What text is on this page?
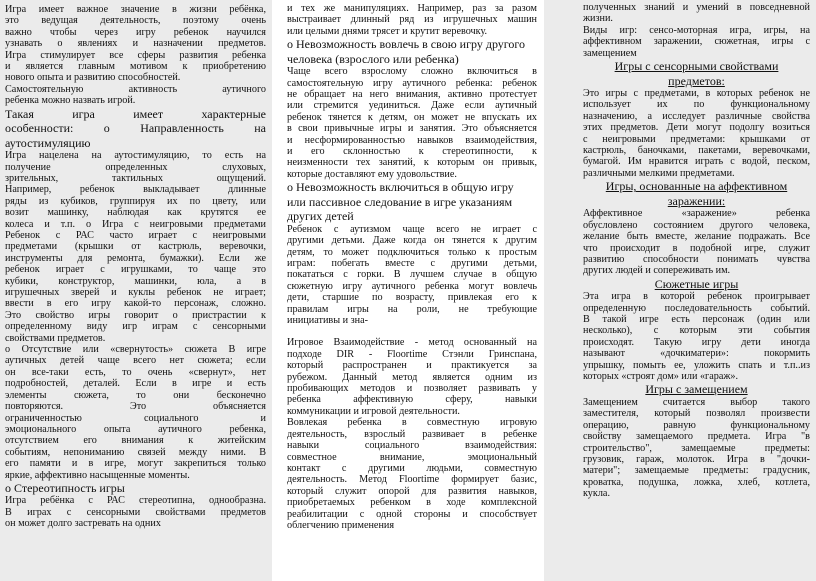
Игра имеет важное значение в жизни ребёнка,
это ведущая деятельность, поэтому очень
важно чтобы через игру ребенок научился
узнавать о явлениях и назначении предметов.
Игра стимулирует все сферы развития ребенка
и является главным мотивом к приобретению
нового опыта и развитию способностей.
Самостоятельную активность аутичного
ребенка можно назвать игрой.
Такая игра имеет характерные
особенности: о Направленность на
аутостимуляцию
Игра нацелена на аутостимуляцию, то есть на
получение определенных слуховых,
зрительных, тактильных ощущений.
Например, ребенок выкладывает длинные
ряды из кубиков, группируя их по цвету, или
возит машинку, наблюдая как крутятся ее
колеса и т.п. о Игра с неигровыми предметами
Ребенок с РАС часто играет с неигровыми
предметами (крышки от кастрюль, веревочки,
инструменты для ремонта, бумажки). Если же
ребенок играет с игрушками, то чаще это
кубики, конструктор, машинки, юла, а в
игрушечных зверей и куклы ребенок не играет;
ввести в его игру какой-то персонаж, сложно.
Это свойство игры говорит о пристрастии к
определенному виду игр играм с сенсорными
свойствами предметов.
о Отсутствие или «свернутость» сюжета В игре
аутичных детей чаще всего нет сюжета; если
он все-таки есть, то очень «свернут», нет
подробностей, деталей. Если в игре и есть
элементы сюжета, то они бесконечно
повторяются. Это объясняется
ограниченностью социального и
эмоционального опыта аутичного ребенка,
отсутствием его внимания к житейским
событиям, непониманию связей между ними. В
его памяти и в игре, могут закрепиться только
яркие, аффективно насыщенные моменты.
о Стереотипность игры
Игра ребёнка с РАС стереотипна, однообразна.
В играх с сенсорными свойствами предметов
он может долго застревать на одних
и тех же манипуляциях. Например, раз за разом
выстраивает длинный ряд из игрушечных машин
или целыми днями трясет и крутит веревочку.
о Невозможность вовлечь в свою игру другого
человека (взрослого или ребенка)
Чаще всего взрослому сложно включиться в
самостоятельную игру аутичного ребенка: ребенок
не обращает на него внимания, активно протестует
или стремится уединиться. Даже если аутичный
ребенок тянется к детям, он может не впускать их
в свои привычные игры и занятия. Это объясняется
и несформированностью навыков взаимодействия,
и его склонностью к стереотипности, к
неизменности тех занятий, к которым он привык,
которые доставляют ему удовольствие.
о Невозможность включиться в общую игру
или пассивное следование в игре указаниям
других детей
Ребенок с аутизмом чаще всего не играет с
другими детьми. Даже когда он тянется к другим
детям, то может подключиться только к простым
играм: побегать вместе с другими детьми,
покататься с горки. В лучшем случае в общую
сюжетную игру аутичного ребенка могут вовлечь
дети, старшие по возрасту, привлекая его к
правилам игры на роли, не требующие
инициативы и зна-
Игровое Взаимодействие - метод основанный на
подходе DIR - Floortime Стэнли Гринспана,
который распространен и практикуется за
рубежом. Данный метод является одним из
пробивающих методов и позволяет развивать у
ребенка аффективную сферу, навыки
коммуникации и игровой деятельности.
Вовлекая ребенка в совместную игровую
деятельность, взрослый развивает в ребенке
навыки социального взаимодействия:
совместное внимание, эмоциональный
контакт с другими людьми, совместную
деятельность. Метод Floortime формирует базис,
который служит опорой для развития навыков,
приобретаемых ребенком в ходе комплексной
реабилитации с одной стороны и способствует
облегчению применения
полученных знаний и умений в повседневной
жизни.
Виды игр: сенсо-моторная игра, игры, на
аффективном заражении, сюжетная, игры с
замещением
Игры с сенсорными свойствами
предметов:
Это игры с предметами, в которых ребенок не
использует их по функциональному
назначению, а исследует различные свойства
этих предметов. Дети могут подолгу возиться
с неигровыми предметами: крышками от
кастрюль, баночками, пакетами, веревочками,
бумагой. Им нравится играть с водой, песком,
различными мелкими предметами.
Игры, основанные на аффективном
заражении:
Аффективное «заражение» ребенка
обусловлено состоянием другого человека,
желание быть вместе, желание подражать. Все
что происходит в подобной игре, служит
развитию способности понимать чувства
других людей и сопереживать им.
Сюжетные игры
Эта игра в которой ребенок проигрывает
определенную последовательность событий.
В такой игре есть персонаж (один или
несколько), с которым эти события
происходят. Такую игру дети иногда
называют «дочкиматери»: покормить
упрышку, помыть ее, уложить спать и т.п..из
которых «строят дом» или «гараж».
Игры с замещением
Замещением считается выбор такого
заместителя, который позволял произвести
операцию, равную функциональному
свойству замещаемого предмета. Игра "в
строительство", замещаемые предметы:
грузовик, гараж, молоток. Игра в "дочки-
матери"; замещаемые предметы: градусник,
кроватка, подушка, ложка, хлеб, котлета,
кукла.
